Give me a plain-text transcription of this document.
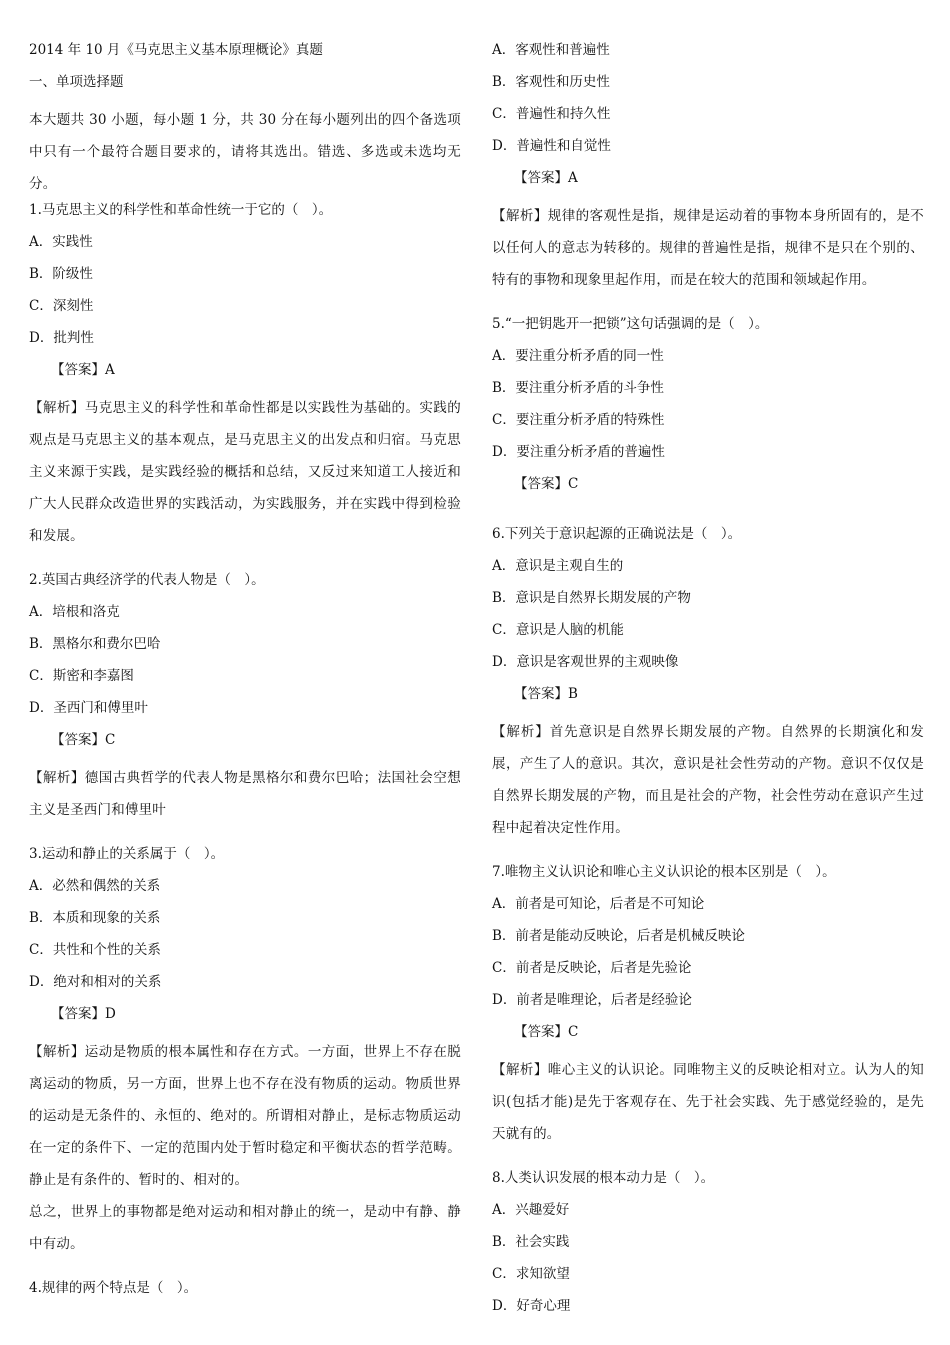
2014 年 10 月《马克思主义基本原理概论》真题
一、单项选择题

本大题共 30 小题，每小题 1 分，共 30 分在每小题列出的四个备选项中只有一个最符合题目要求的，请将其选出。错选、多选或未选均无分。

1.马克思主义的科学性和革命性统一于它的（　）。
A．实践性
B．阶级性
C．深刻性
D．批判性
【答案】A

【解析】马克思主义的科学性和革命性都是以实践性为基础的。实践的观点是马克思主义的基本观点，是马克思主义的出发点和归宿。马克思主义来源于实践，是实践经验的概括和总结，又反过来知道工人接近和广大人民群众改造世界的实践活动，为实践服务，并在实践中得到检验和发展。

2.英国古典经济学的代表人物是（　）。
A．培根和洛克
B．黑格尔和费尔巴哈
C．斯密和李嘉图
D．圣西门和傅里叶
【答案】C

【解析】德国古典哲学的代表人物是黑格尔和费尔巴哈；法国社会空想主义是圣西门和傅里叶

3.运动和静止的关系属于（　）。
A．必然和偶然的关系
B．本质和现象的关系
C．共性和个性的关系
D．绝对和相对的关系
【答案】D

【解析】运动是物质的根本属性和存在方式。一方面，世界上不存在脱离运动的物质，另一方面，世界上也不存在没有物质的运动。物质世界的运动是无条件的、永恒的、绝对的。所谓相对静止，是标志物质运动在一定的条件下、一定的范围内处于暂时稳定和平衡状态的哲学范畴。静止是有条件的、暂时的、相对的。

总之，世界上的事物都是绝对运动和相对静止的统一，是动中有静、静中有动。

4.规律的两个特点是（　）。
A．客观性和普遍性
B．客观性和历史性
C．普遍性和持久性
D．普遍性和自觉性
【答案】A

【解析】规律的客观性是指，规律是运动着的事物本身所固有的，是不以任何人的意志为转移的。规律的普遍性是指，规律不是只在个别的、特有的事物和现象里起作用，而是在较大的范围和领域起作用。

5.“一把钥匙开一把锁”这句话强调的是（　）。
A．要注重分析矛盾的同一性
B．要注重分析矛盾的斗争性
C．要注重分析矛盾的特殊性
D．要注重分析矛盾的普遍性
【答案】C
6.下列关于意识起源的正确说法是（　）。
A．意识是主观自生的
B．意识是自然界长期发展的产物
C．意识是人脑的机能
D．意识是客观世界的主观映像
【答案】B

【解析】首先意识是自然界长期发展的产物。自然界的长期演化和发展，产生了人的意识。其次，意识是社会性劳动的产物。意识不仅仅是自然界长期发展的产物，而且是社会的产物，社会性劳动在意识产生过程中起着决定性作用。

7.唯物主义认识论和唯心主义认识论的根本区别是（　）。
A．前者是可知论，后者是不可知论
B．前者是能动反映论，后者是机械反映论
C．前者是反映论，后者是先验论
D．前者是唯理论，后者是经验论
【答案】C

【解析】唯心主义的认识论。同唯物主义的反映论相对立。认为人的知识(包括才能)是先于客观存在、先于社会实践、先于感觉经验的，是先天就有的。

8.人类认识发展的根本动力是（　）。
A．兴趣爱好
B．社会实践
C．求知欲望
D．好奇心理
